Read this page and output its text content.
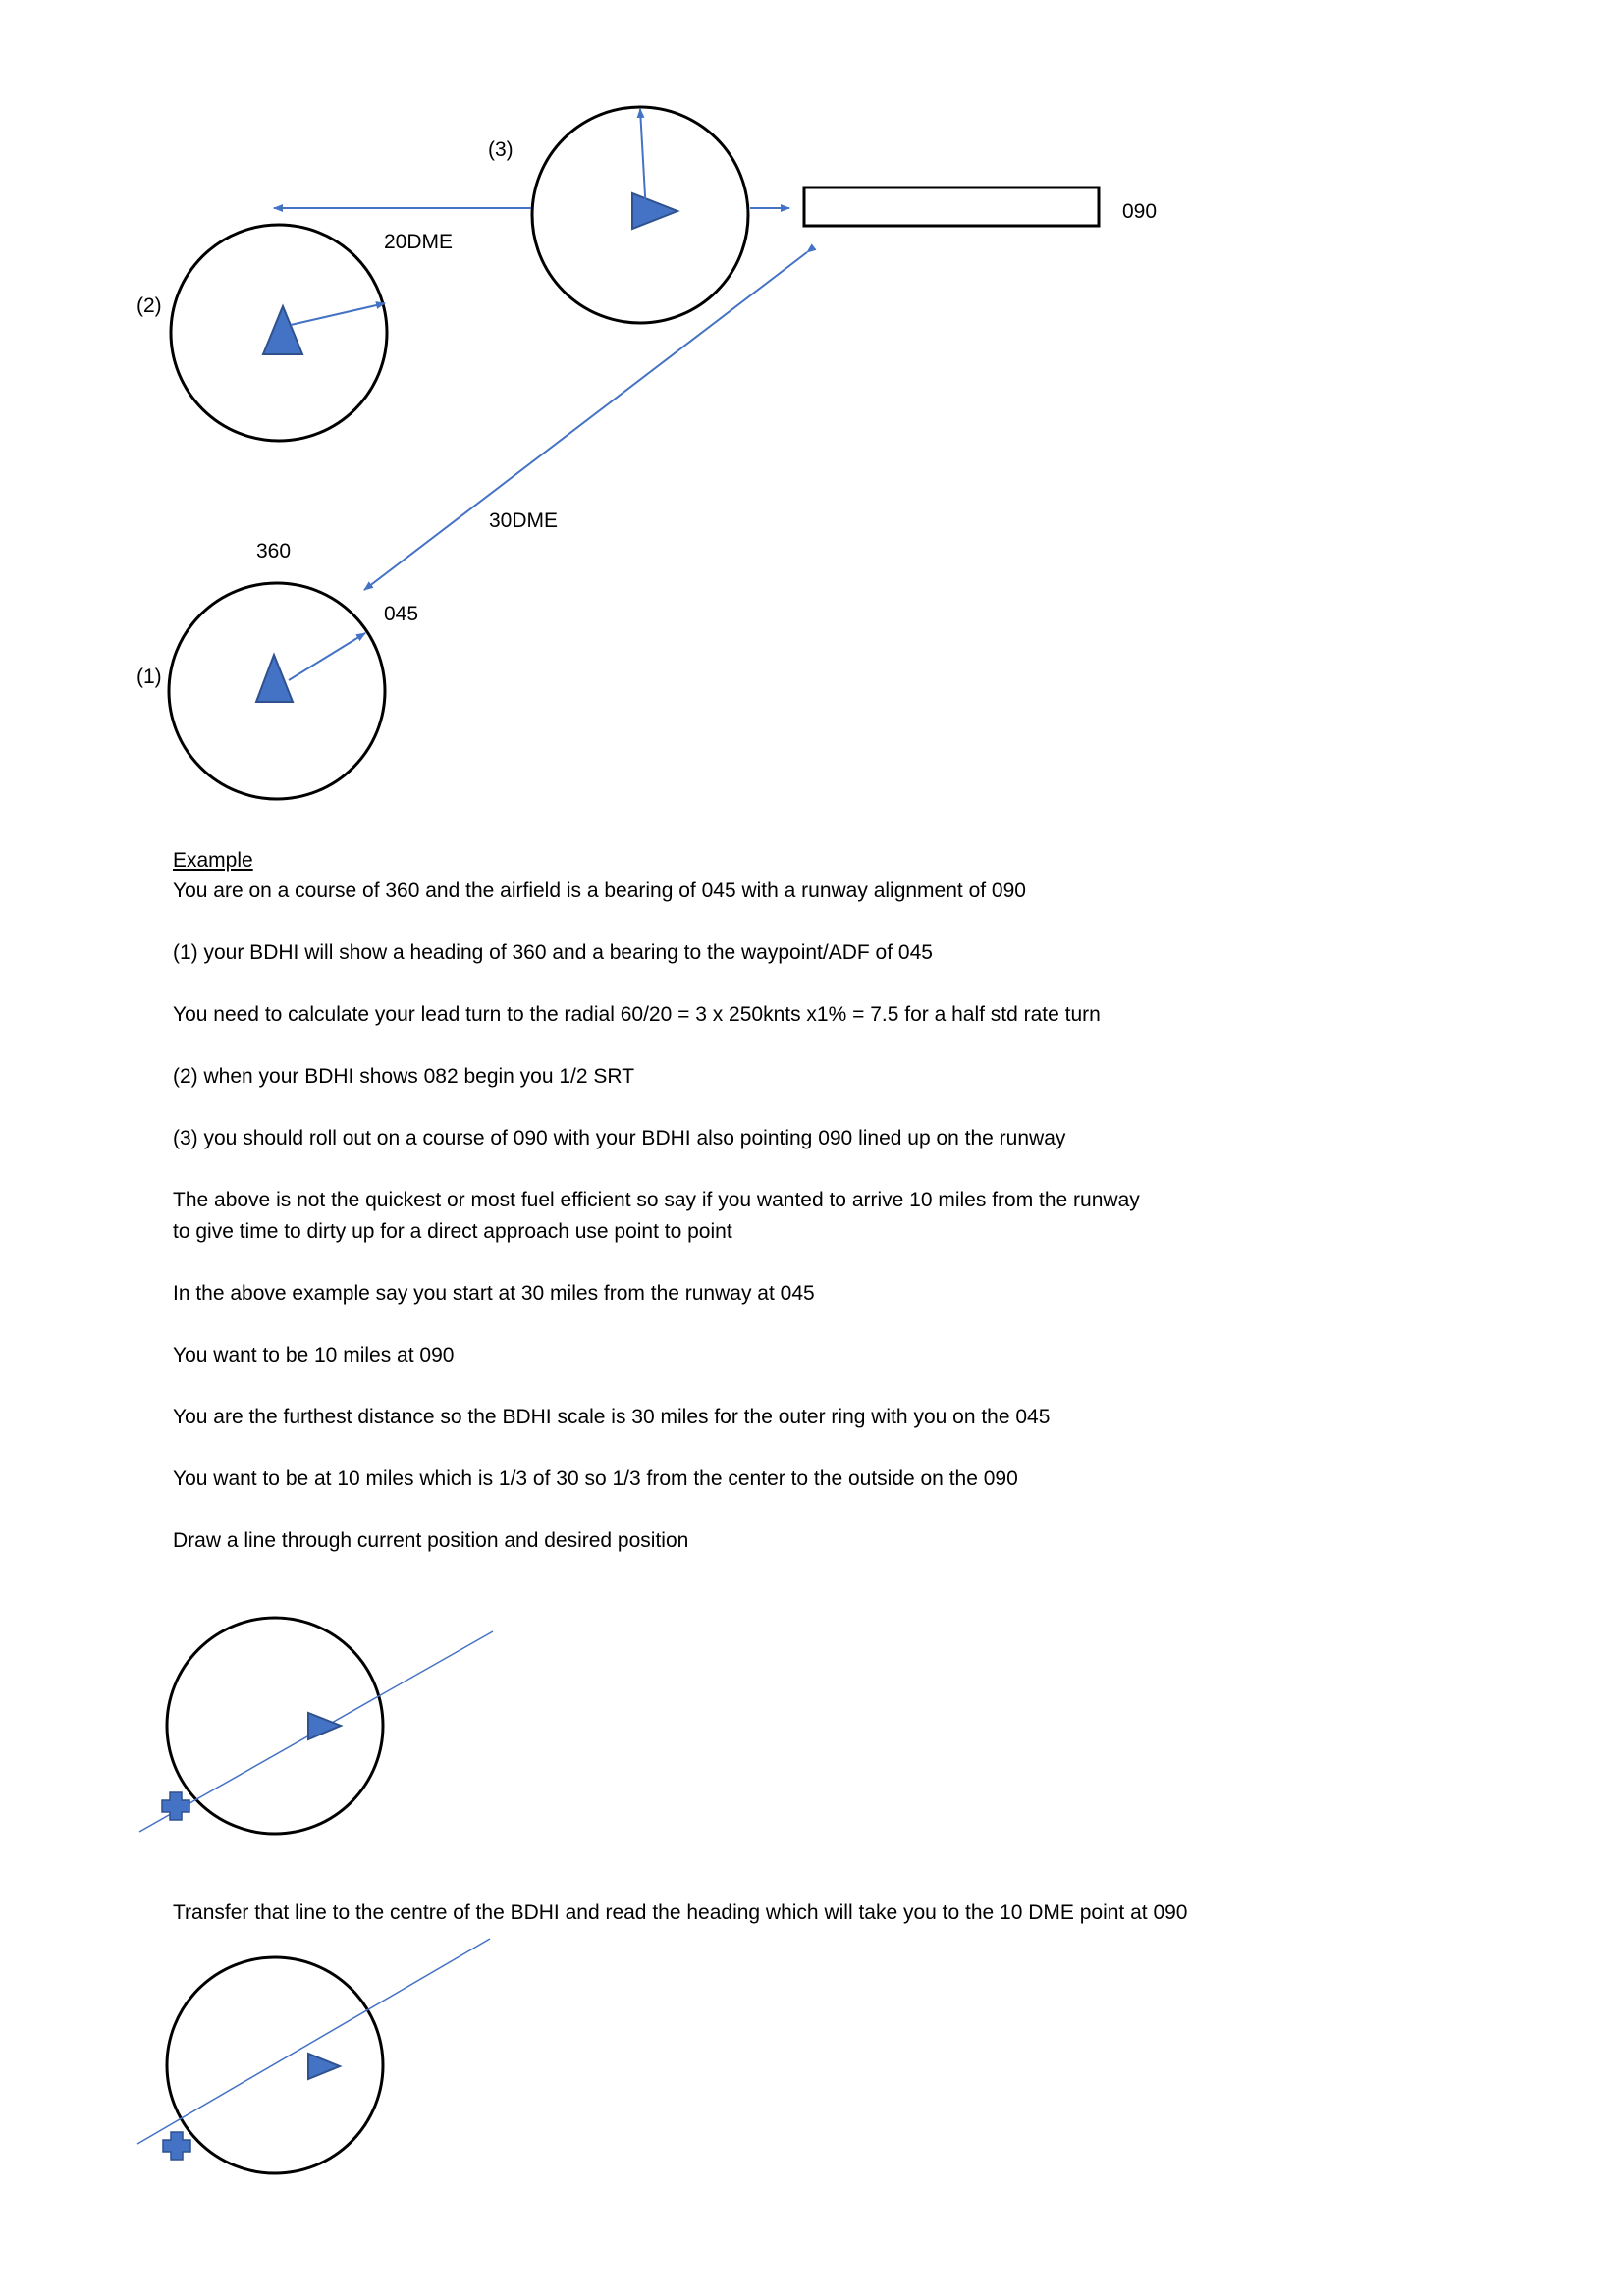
(3)
(2)
(1)
20DME
30DME
360
045
090

Example

You are on a course of 360 and the airfield is a bearing of 045 with a runway alignment of 090

(1) your BDHI will show a heading of 360 and a bearing to the waypoint/ADF of 045

You need to calculate your lead turn to the radial 60/20 = 3 x 250knts x1% = 7.5 for a half std rate turn

(2) when your BDHI shows 082 begin you 1/2 SRT

(3) you should roll out on a course of 090 with your BDHI also pointing 090 lined up on the runway

The above is not the quickest or most fuel efficient so say if you wanted to arrive 10 miles from the runway

to give time to dirty up for a direct approach use point to point

In the above example say you start at 30 miles from the runway at 045

You want to be 10 miles at 090

You are the furthest distance so the BDHI scale is 30 miles for the outer ring with you on the 045

You want to be at 10 miles which is 1/3 of 30 so 1/3 from the center to the outside on the 090

Draw a line through current position and desired position

Transfer that line to the centre of the BDHI and read the heading which will take you to the 10 DME point at 090
